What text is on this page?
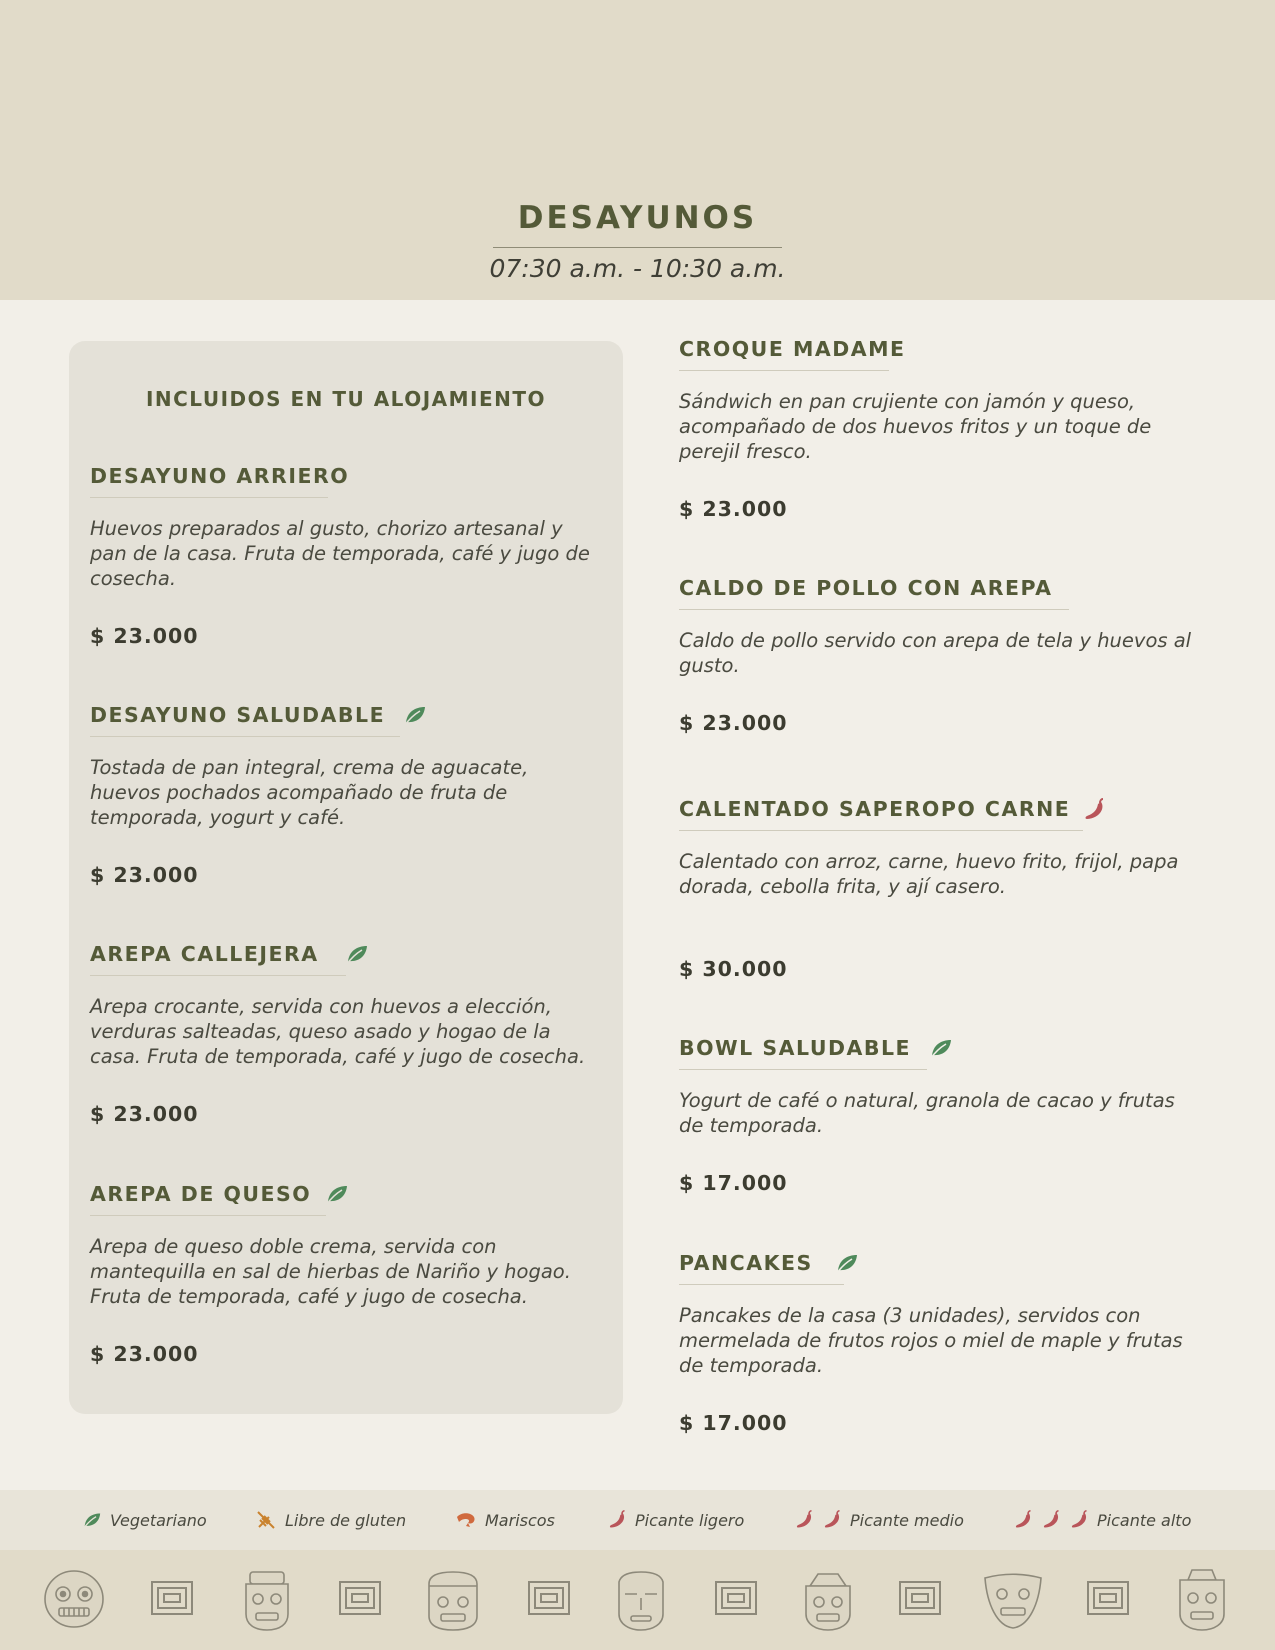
DESAYUNOS
07:30 a.m. - 10:30 a.m.
INCLUIDOS EN TU ALOJAMIENTO
DESAYUNO ARRIERO
Huevos preparados al gusto, chorizo artesanal y pan de la casa. Fruta de temporada, café y jugo de cosecha.
$ 23.000
DESAYUNO SALUDABLE
Tostada de pan integral, crema de aguacate, huevos pochados acompañado de fruta de temporada, yogurt y café.
$ 23.000
AREPA CALLEJERA
Arepa crocante, servida con huevos a elección, verduras salteadas, queso asado y hogao de la casa. Fruta de temporada, café y jugo de cosecha.
$ 23.000
AREPA DE QUESO
Arepa de queso doble crema, servida con mantequilla en sal de hierbas de Nariño y hogao. Fruta de temporada, café y jugo de cosecha.
$ 23.000
CROQUE MADAME
Sándwich en pan crujiente con jamón y queso, acompañado de dos huevos fritos y un toque de perejil fresco.
$ 23.000
CALDO DE POLLO CON AREPA
Caldo de pollo servido con arepa de tela y huevos al gusto.
$ 23.000
CALENTADO SAPEROPO CARNE
Calentado con arroz, carne, huevo frito, frijol, papa dorada, cebolla frita, y ají casero.
$ 30.000
BOWL SALUDABLE
Yogurt de café o natural, granola de cacao y frutas de temporada.
$ 17.000
PANCAKES
Pancakes de la casa (3 unidades), servidos con mermelada de frutos rojos o miel de maple y frutas de temporada.
$ 17.000
Vegetariano	Libre de gluten	Mariscos	Picante ligero	Picante medio	Picante alto
